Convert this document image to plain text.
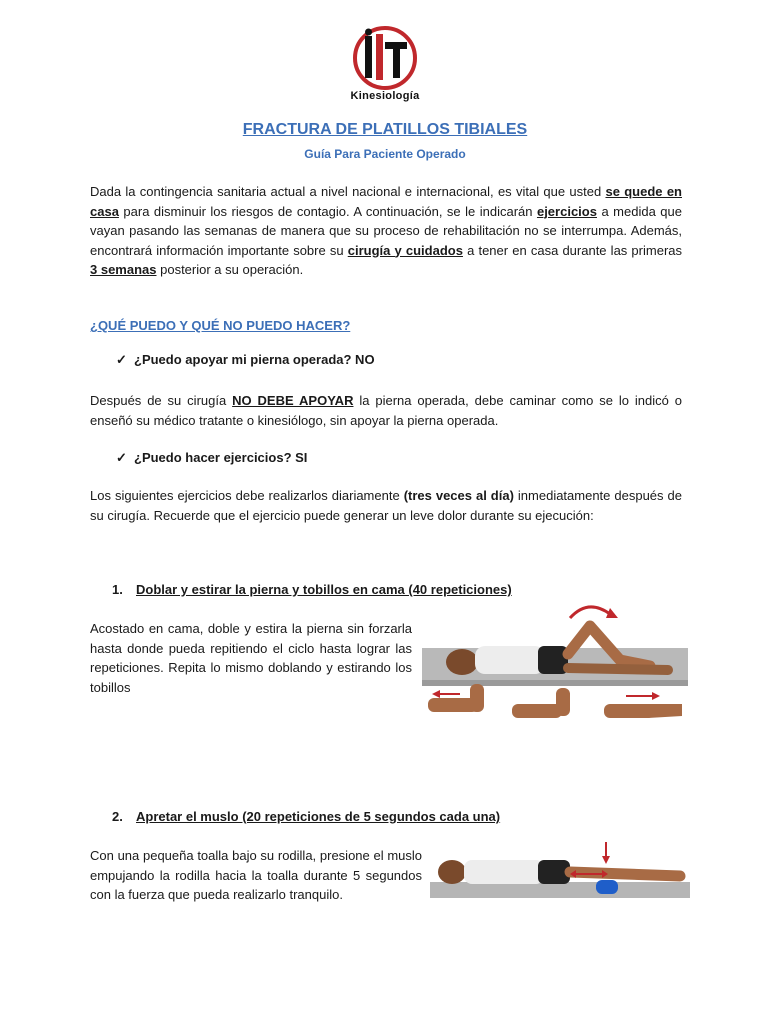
Kinesiología
FRACTURA DE PLATILLOS TIBIALES
Guía Para Paciente Operado
Dada la contingencia sanitaria actual a nivel nacional e internacional, es vital que usted se quede en casa para disminuir los riesgos de contagio. A continuación, se le indicarán ejercicios a medida que vayan pasando las semanas de manera que su proceso de rehabilitación no se interrumpa. Además, encontrará información importante sobre su cirugía y cuidados a tener en casa durante las primeras 3 semanas posterior a su operación.
¿QUÉ PUEDO Y QUÉ NO PUEDO HACER?
✓ ¿Puedo apoyar mi pierna operada? NO
Después de su cirugía NO DEBE APOYAR la pierna operada, debe caminar como se lo indicó o enseñó su médico tratante o kinesiólogo, sin apoyar la pierna operada.
✓ ¿Puedo hacer ejercicios? SI
Los siguientes ejercicios debe realizarlos diariamente (tres veces al día) inmediatamente después de su cirugía. Recuerde que el ejercicio puede generar un leve dolor durante su ejecución:
1. Doblar y estirar la pierna y tobillos en cama (40 repeticiones)
Acostado en cama, doble y estira la pierna sin forzarla hasta donde pueda repitiendo el ciclo hasta lograr las repeticiones. Repita lo mismo doblando y estirando los tobillos
2. Apretar el muslo (20 repeticiones de 5 segundos cada una)
Con una pequeña toalla bajo su rodilla, presione el muslo empujando la rodilla hacia la toalla durante 5 segundos con la fuerza que pueda realizarlo tranquilo.
